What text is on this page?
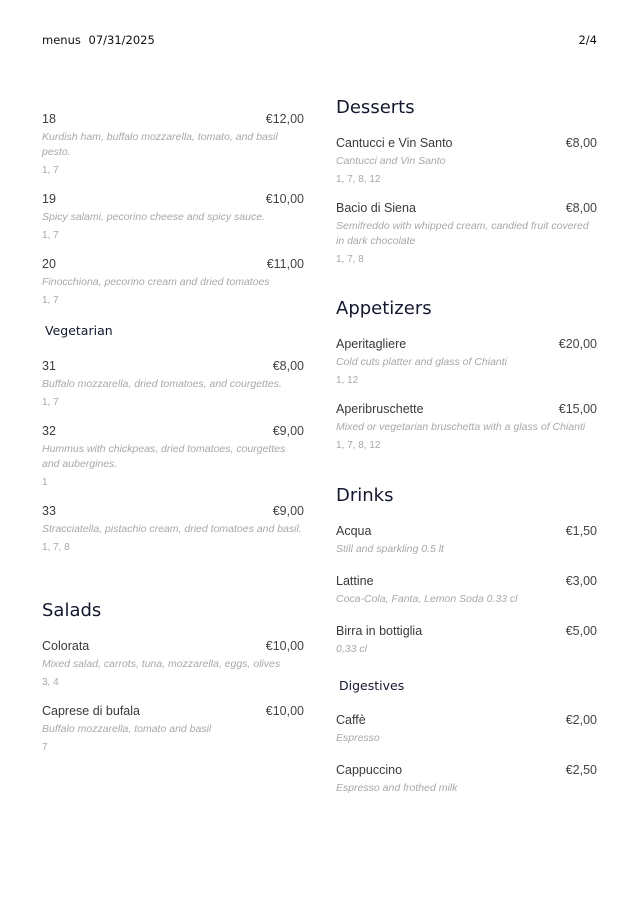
menus 07/31/2025	2/4
18	€12,00
Kurdish ham, buffalo mozzarella, tomato, and basil pesto.
1, 7
19	€10,00
Spicy salami, pecorino cheese and spicy sauce.
1, 7
20	€11,00
Finocchiona, pecorino cream and dried tomatoes
1, 7
Vegetarian
31	€8,00
Buffalo mozzarella, dried tomatoes, and courgettes.
1, 7
32	€9,00
Hummus with chickpeas, dried tomatoes, courgettes and aubergines.
1
33	€9,00
Stracciatella, pistachio cream, dried tomatoes and basil.
1, 7, 8
Salads
Colorata	€10,00
Mixed salad, carrots, tuna, mozzarella, eggs, olives
3, 4
Caprese di bufala	€10,00
Buffalo mozzarella, tomato and basil
7
Desserts
Cantucci e Vin Santo	€8,00
Cantucci and Vin Santo
1, 7, 8, 12
Bacio di Siena	€8,00
Semifreddo with whipped cream, candied fruit covered in dark chocolate
1, 7, 8
Appetizers
Aperitagliere	€20,00
Cold cuts platter and glass of Chianti
1, 12
Aperibruschette	€15,00
Mixed or vegetarian bruschetta with a glass of Chianti
1, 7, 8, 12
Drinks
Acqua	€1,50
Still and sparkling 0.5 lt
Lattine	€3,00
Coca-Cola, Fanta, Lemon Soda 0.33 cl
Birra in bottiglia	€5,00
0,33 cl
Digestives
Caffè	€2,00
Espresso
Cappuccino	€2,50
Espresso and frothed milk
